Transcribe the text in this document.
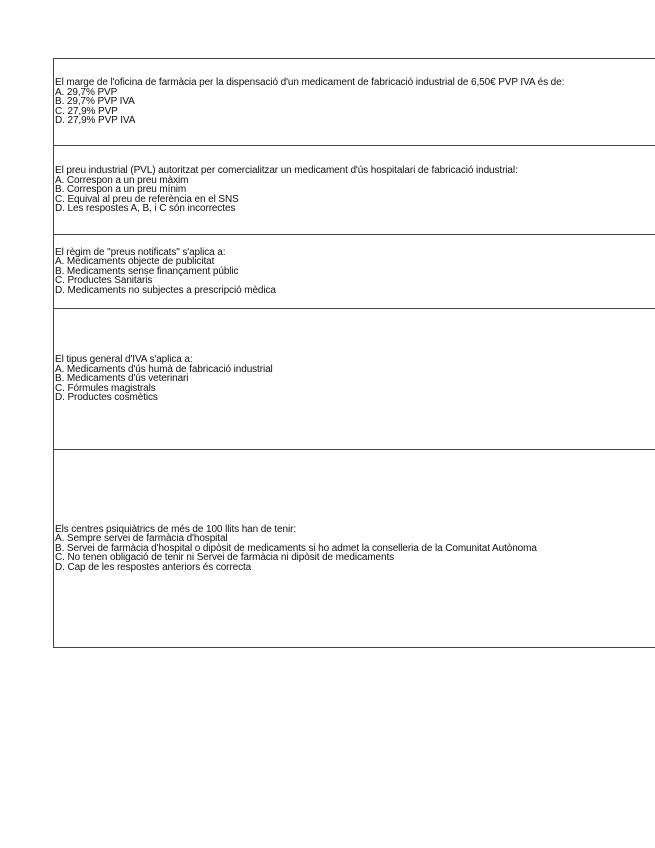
El marge de l'oficina de farmàcia per la dispensació d'un medicament de fabricació industrial de 6,50€ PVP IVA és de:
A. 29,7% PVP
B. 29,7% PVP IVA
C. 27,9% PVP
D. 27,9% PVP IVA
El preu industrial (PVL) autoritzat per comercialitzar un medicament d'ús hospitalari de fabricació industrial:
A. Correspon a un preu màxim
B. Correspon a un preu mínim
C. Equival al preu de referència en el SNS
D. Les respostes A, B, i C són incorrectes
El règim de "preus notificats" s'aplica a:
A. Medicaments objecte de publicitat
B. Medicaments sense finançament públic
C. Productes Sanitaris
D. Medicaments no subjectes a prescripció mèdica
El tipus general d'IVA s'aplica a:
A. Medicaments d'ús humà de fabricació industrial
B. Medicaments d'ús veterinari
C. Fórmules magistrals
D. Productes cosmètics
Els centres psiquiàtrics de més de 100 llits han de tenir:
A. Sempre servei de farmàcia d'hospital
B. Servei de farmàcia d'hospital o dipòsit de medicaments si ho admet la conselleria de la Comunitat Autònoma
C. No tenen obligació de tenir ni Servei de farmàcia ni dipòsit de medicaments
D. Cap de les respostes anteriors és correcta
